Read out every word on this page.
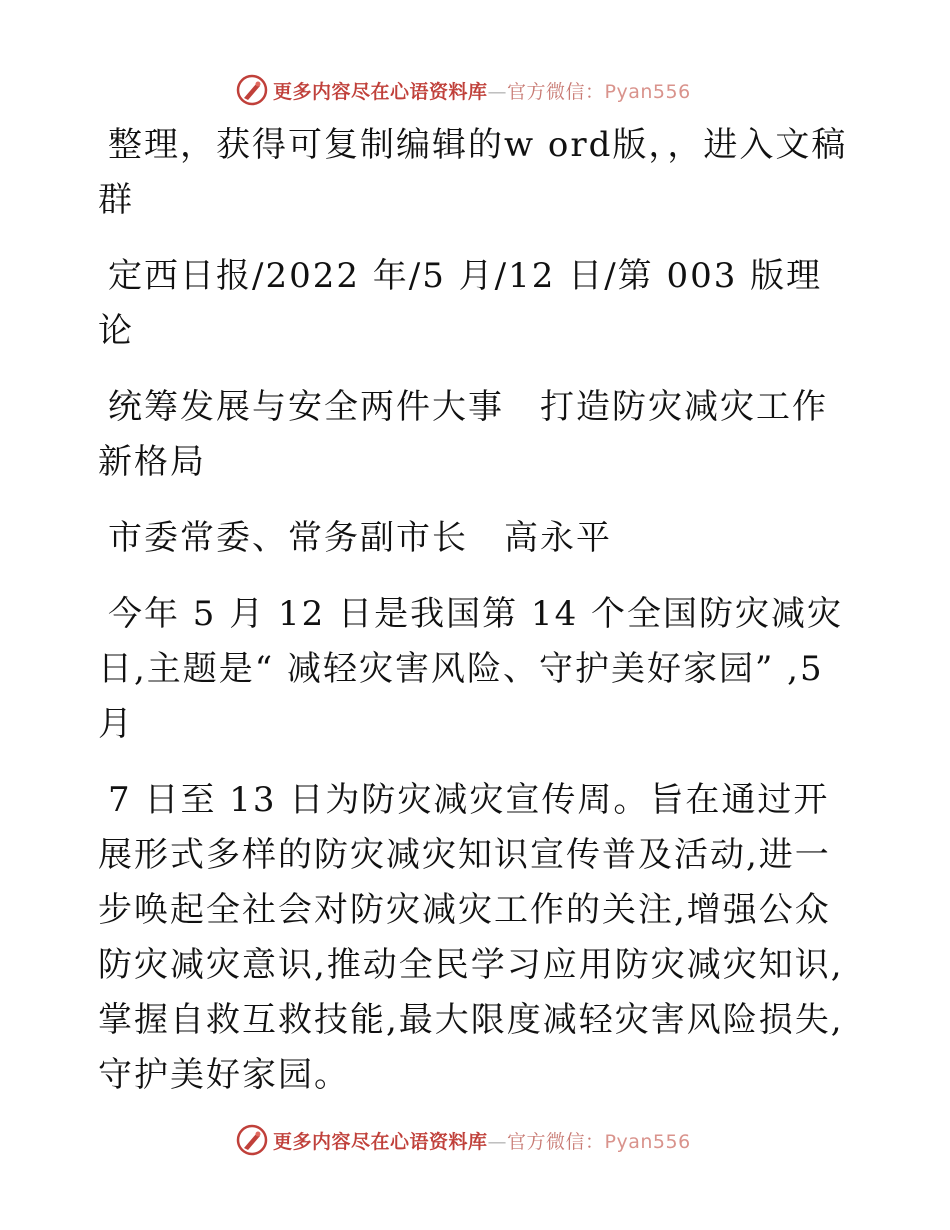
更多内容尽在心语资料库—官方微信：Pyan556

整理，获得可复制编辑的w ord版，，进入文稿群

定西日报/2022 年/5 月/12 日/第 003 版理论

统筹发展与安全两件大事　打造防灾减灾工作新格局

市委常委、常务副市长　高永平

今年 5 月 12 日是我国第 14 个全国防灾减灾日,主题是“ 减轻灾害风险、守护美好家园” ,5 月

7 日至 13 日为防灾减灾宣传周。旨在通过开展形式多样的防灾减灾知识宣传普及活动,进一步唤起全社会对防灾减灾工作的关注,增强公众防灾减灾意识,推动全民学习应用防灾减灾知识,掌握自救互救技能,最大限度减轻灾害风险损失,守护美好家园。

更多内容尽在心语资料库—官方微信：Pyan556
